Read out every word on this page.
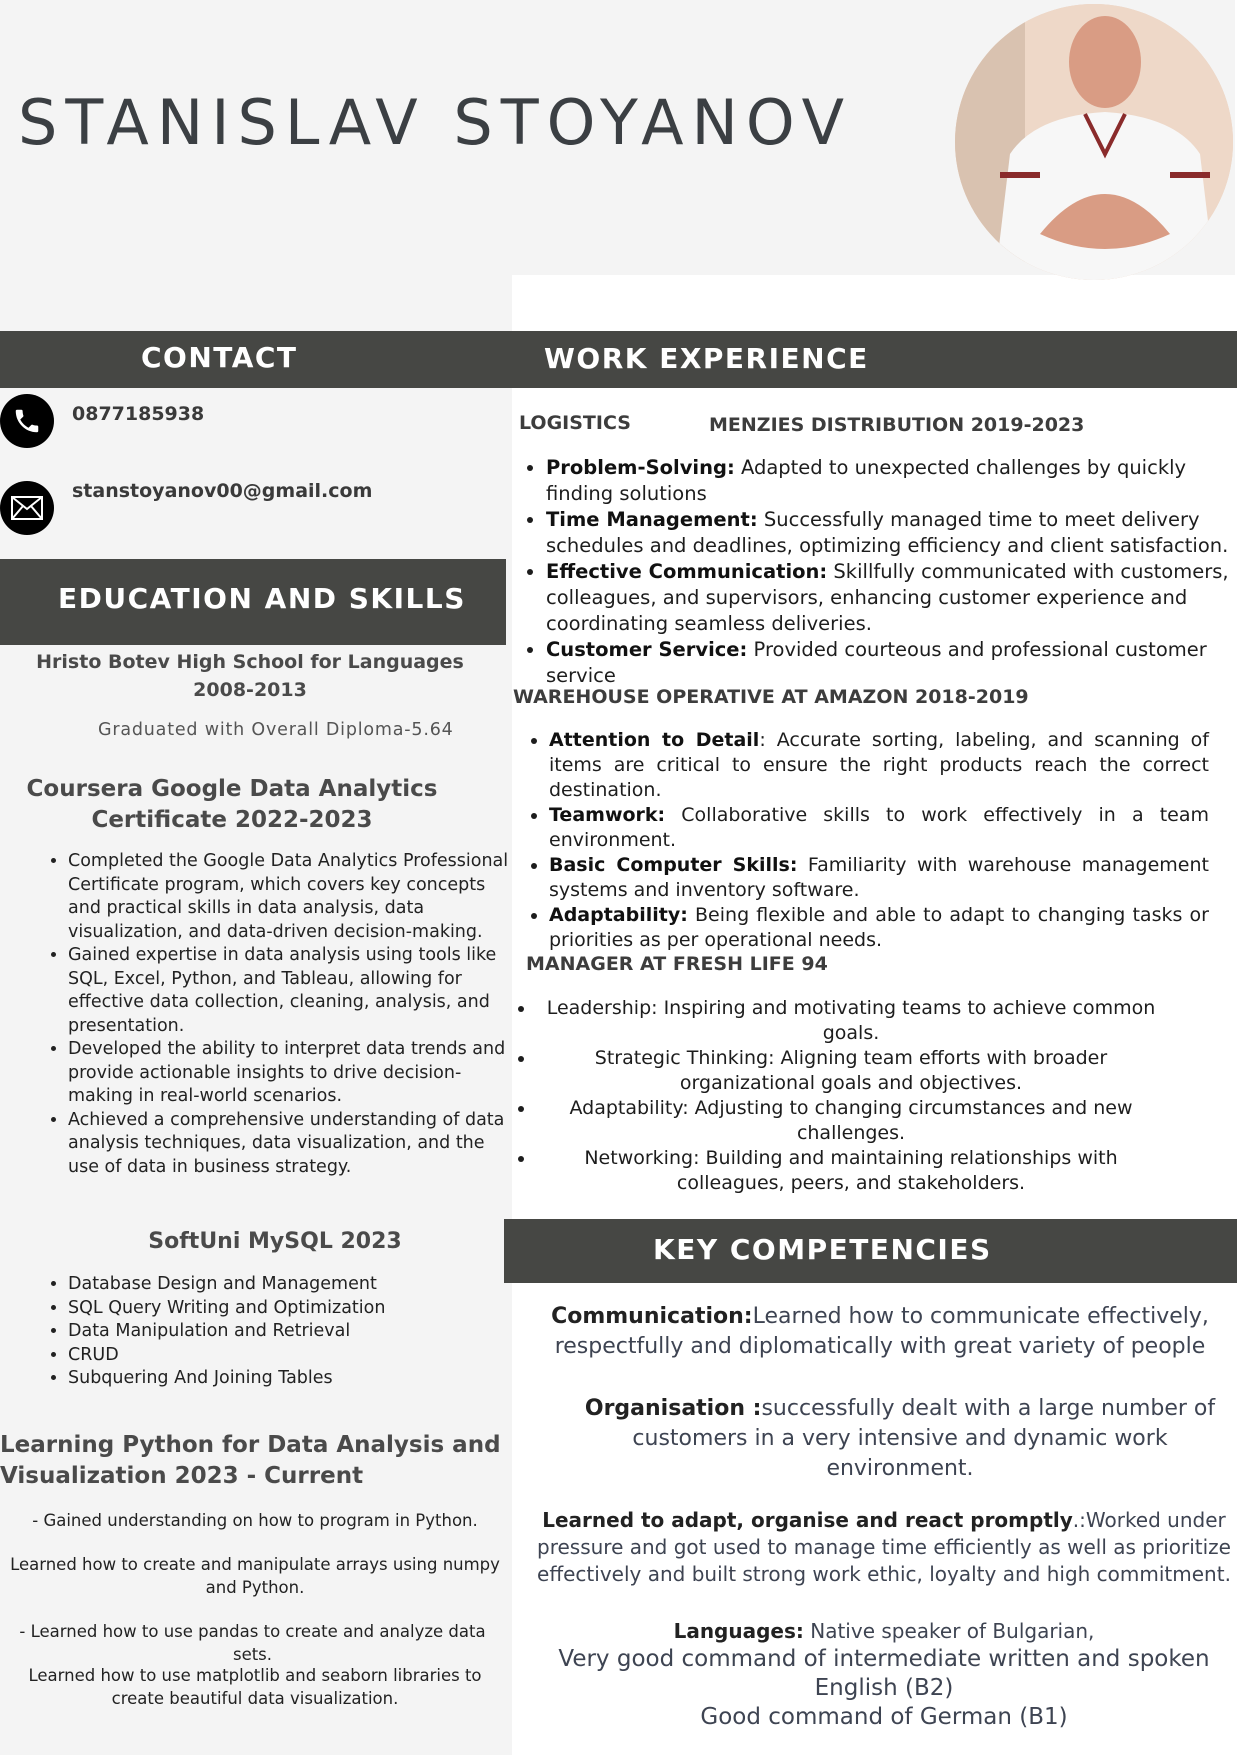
STANISLAV STOYANOV
CONTACT
0877185938
stanstoyanov00@gmail.com
EDUCATION AND SKILLS
Hristo Botev High School for Languages
2008-2013
Graduated with Overall Diploma-5.64
Coursera Google Data Analytics
Certificate 2022-2023
• Completed the Google Data Analytics Professional Certificate program, which covers key concepts and practical skills in data analysis, data visualization, and data-driven decision-making.
• Gained expertise in data analysis using tools like SQL, Excel, Python, and Tableau, allowing for effective data collection, cleaning, analysis, and presentation.
• Developed the ability to interpret data trends and provide actionable insights to drive decision-making in real-world scenarios.
• Achieved a comprehensive understanding of data analysis techniques, data visualization, and the use of data in business strategy.
SoftUni MySQL 2023
• Database Design and Management
• SQL Query Writing and Optimization
• Data Manipulation and Retrieval
• CRUD
• Subquering And Joining Tables
Learning Python for Data Analysis and
Visualization 2023 - Current
- Gained understanding on how to program in Python.
Learned how to create and manipulate arrays using numpy and Python.
- Learned how to use pandas to create and analyze data sets.
Learned how to use matplotlib and seaborn libraries to create beautiful data visualization.
WORK EXPERIENCE
LOGISTICS	MENZIES DISTRIBUTION 2019-2023
• Problem-Solving: Adapted to unexpected challenges by quickly finding solutions
• Time Management: Successfully managed time to meet delivery schedules and deadlines, optimizing efficiency and client satisfaction.
• Effective Communication: Skillfully communicated with customers, colleagues, and supervisors, enhancing customer experience and coordinating seamless deliveries.
• Customer Service: Provided courteous and professional customer service
WAREHOUSE OPERATIVE AT AMAZON 2018-2019
• Attention to Detail: Accurate sorting, labeling, and scanning of items are critical to ensure the right products reach the correct destination.
• Teamwork: Collaborative skills to work effectively in a team environment.
• Basic Computer Skills: Familiarity with warehouse management systems and inventory software.
• Adaptability: Being flexible and able to adapt to changing tasks or priorities as per operational needs.
MANAGER AT FRESH LIFE 94
• Leadership: Inspiring and motivating teams to achieve common goals.
• Strategic Thinking: Aligning team efforts with broader organizational goals and objectives.
• Adaptability: Adjusting to changing circumstances and new challenges.
• Networking: Building and maintaining relationships with colleagues, peers, and stakeholders.
KEY COMPETENCIES
Communication:Learned how to communicate effectively, respectfully and diplomatically with great variety of people
Organisation :successfully dealt with a large number of customers in a very intensive and dynamic work environment.
Learned to adapt, organise and react promptly.:Worked under pressure and got used to manage time efficiently as well as prioritize effectively and built strong work ethic, loyalty and high commitment.
Languages: Native speaker of Bulgarian,
Very good command of intermediate written and spoken English (B2)
Good command of German (B1)
